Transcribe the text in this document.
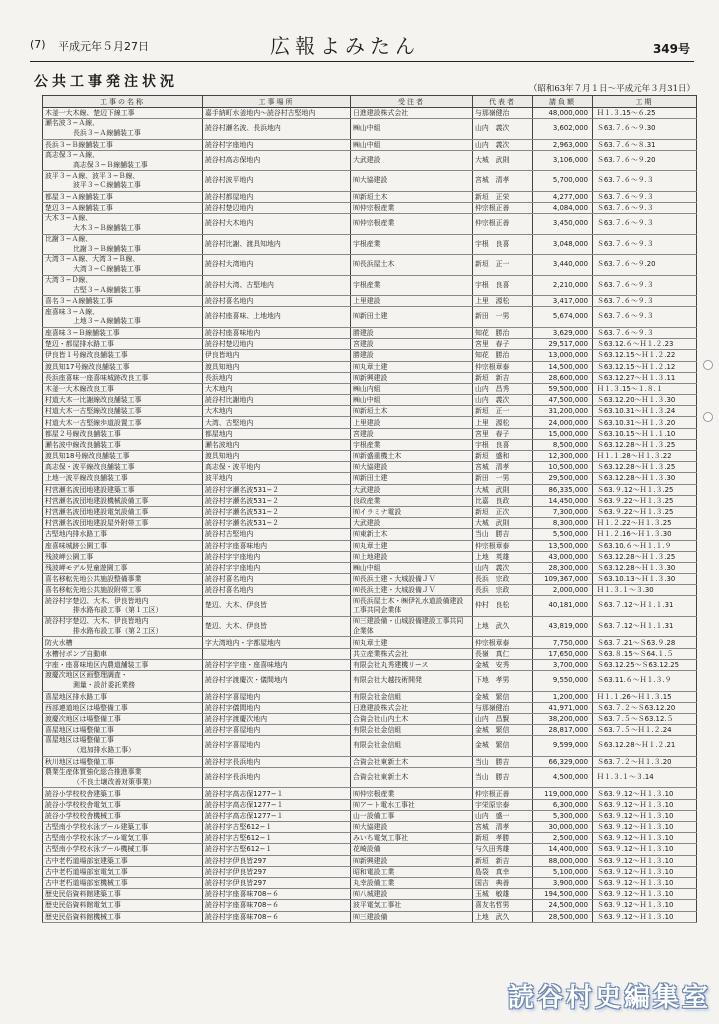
(7) 平成元年５月27日	広報よみたん	349号
公共工事発注状況	（昭和63年７月１日〜平成元年３月31日）
工事の名称	工事場所	受注者	代表者	請負額	工期
木釜一大木線、楚辺下線工事	嘉手納町水釜地内〜読谷村古堅地内	日進建設株式会社	与那嶺健治	48,000,000	Ｈ１.３.15〜６.25

瀬名波３−Ａ線、
長浜３−Ａ線舗装工事	読谷村瀬名波、長浜地内	㈱山中組	山内　義次	3,602,000	Ｓ63.７.６〜９.30
長浜３−Ｂ線舗装工事	読谷村字座地内	㈱山中組	山内　義次	2,963,000	Ｓ63.７.６〜８.31

高志保３−Ａ線、
高志保３−Ｂ線舗装工事	読谷村高志保地内	大武建設	大城　武則	3,106,000	Ｓ63.７.６〜９.20

波平３−Ａ線、波平３−Ｂ線、
波平３−Ｃ線舗装工事	読谷村波平地内	㈲大協建設	宮城　清孝	5,700,000	Ｓ63.７.６〜９.３
都屋３−Ａ線舗装工事	読谷村都屋地内	㈲新垣土木	新垣　正栄	4,277,000	Ｓ63.７.６〜９.３
楚辺３−Ａ線舗装工事	読谷村楚辺地内	㈲仲宗根産業	仲宗根正善	4,084,000	Ｓ63.７.６〜９.３

大木３−Ａ線、
大木３−Ｂ線舗装工事	読谷村大木地内	㈲仲宗根産業	仲宗根正善	3,450,000	Ｓ63.７.６〜９.３

比謝３−Ａ線、
比謝３−Ｂ線舗装工事	読谷村比謝、渡具知地内	宇根産業	宇根　良喜	3,048,000	Ｓ63.７.６〜９.３

大湾３−Ａ線、大湾３−Ｂ線、
大湾３−Ｃ線舗装工事	読谷村大湾地内	㈲長浜屋土木	新垣　正一	3,440,000	Ｓ63.７.６〜９.20

大湾３−Ｄ線、
古堅３−Ａ線舗装工事	読谷村大湾、古堅地内	宇根産業	宇根　良喜	2,210,000	Ｓ63.７.６〜９.３
喜名３−Ａ線舗装工事	読谷村喜名地内	上里建設	上里　源松	3,417,000	Ｓ63.７.６〜９.３

座喜味３−Ａ線、
上地３−Ａ線舗装工事	読谷村座喜味、上地地内	㈲新田土建	新田　一男	5,674,000	Ｓ63.７.６〜９.３
座喜味３−Ｂ線舗装工事	読谷村座喜味地内	勝建設	知花　勝治	3,629,000	Ｓ63.７.６〜９.３
楚辺・都屋排水路工事	読谷村楚辺地内	宮建設	宮里　春子	29,517,000	Ｓ63.12.６〜Ｈ１.２.23
伊良皆１号線改良舗装工事	伊良皆地内	勝建設	知花　勝治	13,000,000	Ｓ63.12.15〜Ｈ１.２.22
渡具知17号線改良舗装工事	渡具知地内	㈲丸章土建	仲宗根章泰	14,500,000	Ｓ63.12.15〜Ｈ１.２.12
長浜座喜味一座喜味城跡改良工事	長浜地内	㈲新興建設	新垣　新吉	28,600,000	Ｓ63.12.27〜Ｈ１.３.11
木釜一大木線改良工事	大木地内	㈱山内組	山内　昌秀	59,500,000	Ｈ１.３.15〜１.８.１
村道大木一比謝線改良舗装工事	読谷村比謝地内	㈱山中組	山内　義次	47,500,000	Ｓ63.12.20〜Ｈ１.３.30
村道大木一古堅線改良舗装工事	大木地内	㈲新垣土木	新垣　正一	31,200,000	Ｓ63.10.31〜Ｈ１.３.24
村道大木一古堅線歩道設置工事	大湾、古堅地内	上里建設	上里　源松	24,000,000	Ｓ63.10.31〜Ｈ１.３.20
都屋２号線改良舗装工事	都屋地内	宮建設	宮里　春子	15,000,000	Ｓ63.10.15〜Ｈ１.１.10
瀬名波中線改良舗装工事	瀬名波地内	宇根産業	宇根　良喜	8,500,000	Ｓ63.12.28〜Ｈ１.３.25
渡具知18号線改良舗装工事	渡具知地内	㈲新盛重機土木	新垣　盛和	12,300,000	Ｈ１.１.28〜Ｈ１.３.22
高志保・波平線改良舗装工事	高志保・波平地内	㈲大協建設	宮城　清孝	10,500,000	Ｓ63.12.28〜Ｈ１.３.25
上地一波平線改良舗装工事	波平地内	㈲新田土建	新田　一男	29,500,000	Ｓ63.12.28〜Ｈ１.３.30
村営瀬名波団地建設建築工事	読谷村字瀬名波531−２	大武建設	大城　武則	86,335,000	Ｓ63.９.12〜Ｈ１.３.25
村営瀬名波団地建設機械設備工事	読谷村字瀬名波531−２	良政産業	比嘉　良政	14,450,000	Ｓ63.９.22〜Ｈ１.３.25
村営瀬名波団地建設電気設備工事	読谷村字瀬名波531−２	㈲イラミナ電設	新垣　正次	7,300,000	Ｓ63.９.22〜Ｈ１.３.25
村営瀬名波団地建設屋外附帯工事	読谷村字瀬名波531−２	大武建設	大城　武則	8,300,000	Ｈ１.２.22〜Ｈ１.３.25
古堅地内排水路工事	読谷村古堅地内	㈲東新土木	当山　勝吉	5,500,000	Ｈ１.２.16〜Ｈ１.３.30
座喜味城跡公園工事	読谷村字座喜味地内	㈲丸章土建	仲宗根章泰	13,500,000	Ｓ63.10.６〜Ｈ１.１.９
残波岬公園工事	読谷村字宇座地内	㈲上地建設	上地　英雄	43,000,000	Ｓ63.12.28〜Ｈ１.３.25
残波岬モデル児童遊園工事	読谷村字宇座地内	㈱山中組	山内　義次	28,300,000	Ｓ63.12.28〜Ｈ１.３.30
喜名移転先地公共施設整備事業	読谷村喜名地内	㈲長浜土建・大城設備ＪＶ	長浜　宗政	109,367,000	Ｓ63.10.13〜Ｈ１.３.30
喜名移転先地公共施設附帯工事	読谷村喜名地内	㈲長浜土建・大城設備ＪＶ	長浜　宗政	2,000,000	Ｈ１.３.１〜３.30

読谷村字楚辺、大木、伊良皆地内
排水路布設工事（第１工区）	楚辺、大木、伊良皆	㈲長浜屋土木・㈱伊礼水道設備建設工事共同企業体	仲村　良松	40,181,000	Ｓ63.７.12〜Ｈ１.１.31

読谷村字楚辺、大木、伊良皆地内
排水路布設工事（第２工区）	楚辺、大木、伊良皆	㈲三建設備・山城設備建設工事共同企業体	上地　武久	43,819,000	Ｓ63.７.12〜Ｈ１.１.31
防火水槽	字大湾地内・字都屋地内	㈲丸章土建	仲宗根章泰	7,750,000	Ｓ63.７.21〜Ｓ63.９.28
水槽付ポンプ自動車		共立産業株式会社	長嶺　真仁	17,650,000	Ｓ63.８.15〜Ｓ64.１.５
宇座・座喜味地区内農道舗装工事	読谷村字宇座・座喜味地内	有限会社丸秀建機リース	金城　安秀	3,700,000	Ｓ63.12.25〜Ｓ63.12.25

渡慶次地区区画整理調査・
測量・設計委託業務	読谷村字渡慶次・儀間地内	有限会社大越技術開発	下地　孝男	9,550,000	Ｓ63.11.６〜Ｈ１.３.９
喜屋地区排水路工事	読谷村字喜屋地内	有限会社金信組	金城　繁信	1,200,000	Ｈ１.１.26〜Ｈ１.３.15
西部連道地区は場整備工事	読谷村字儀間地内	日進建設株式会社	与那嶺健治	41,971,000	Ｓ63.７.２〜Ｓ63.12.20
渡慶次地区は場整備工事	読谷村字渡慶次地内	合資会社山内土木	山内　昌賢	38,200,000	Ｓ63.７.５〜Ｓ63.12.５
喜屋地区は場整備工事	読谷村字喜屋地内	有限会社金信組	金城　繁信	28,817,000	Ｓ63.７.５〜Ｈ１.２.24

喜屋地区は場整備工事
（追加排水路工事）	読谷村字喜屋地内	有限会社金信組	金城　繁信	9,599,000	Ｓ63.12.28〜Ｈ１.２.21
秋川地区は場整備工事	読谷村字長浜地内	合資会社東新土木	当山　勝吉	66,329,000	Ｓ63.７.２〜Ｈ１.３.20

農業生産体質強化総合推進事業
（不良土壌改善対策事業）	読谷村字長浜地内	合資会社東新土木	当山　勝吉	4,500,000	Ｈ１.３.１〜３.14
読谷小学校校舎建築工事	読谷村字高志保1277−１	㈲仲宗根産業	仲宗根正善	119,000,000	Ｓ63.９.12〜Ｈ１.３.10
読谷小学校校舎電気工事	読谷村字高志保1277−１	㈲アート電水工事社	宇栄原宗泰	6,300,000	Ｓ63.９.12〜Ｈ１.３.10
読谷小学校校舎機械工事	読谷村字高志保1277−１	山一設備工事	山内　盛一	5,300,000	Ｓ63.９.12〜Ｈ１.３.10
古堅南小学校水泳プール建築工事	読谷村字古堅612−１	㈲大協建設	宮城　清孝	30,000,000	Ｓ63.９.12〜Ｈ１.３.10
古堅南小学校水泳プール電気工事	読谷村字古堅612−１	みいち電気工事社	新垣　孝勝	2,500,000	Ｓ63.９.12〜Ｈ１.３.10
古堅南小学校水泳プール機械工事	読谷村字古堅612−１	花崎設備	与久田秀雄	14,400,000	Ｓ63.９.12〜Ｈ１.３.10
古中老朽道場部室建築工事	読谷村字伊良皆297	㈲新興建設	新垣　新吉	88,000,000	Ｓ63.９.12〜Ｈ１.３.10
古中老朽道場部室電気工事	読谷村字伊良皆297	昭和電設工業	島袋　真幸	5,100,000	Ｓ63.９.12〜Ｈ１.３.10
古中老朽道場部室機械工事	読谷村字伊良皆297	丸幸設備工業	国吉　典善	3,900,000	Ｓ63.９.12〜Ｈ１.３.10
歴史民俗資料館建築工事	読谷村字座喜味708−６	㈲八城建設	玉城　敏雄	194,500,000	Ｓ63.９.12〜Ｈ１.３.10
歴史民俗資料館電気工事	読谷村字座喜味708−６	波平電気工事社	喜友名哲男	24,500,000	Ｓ63.９.12〜Ｈ１.３.10
歴史民俗資料館機械工事	読谷村字座喜味708−６	㈲三建設備	上地　武久	28,500,000	Ｓ63.９.12〜Ｈ１.３.10
読谷村史編集室
